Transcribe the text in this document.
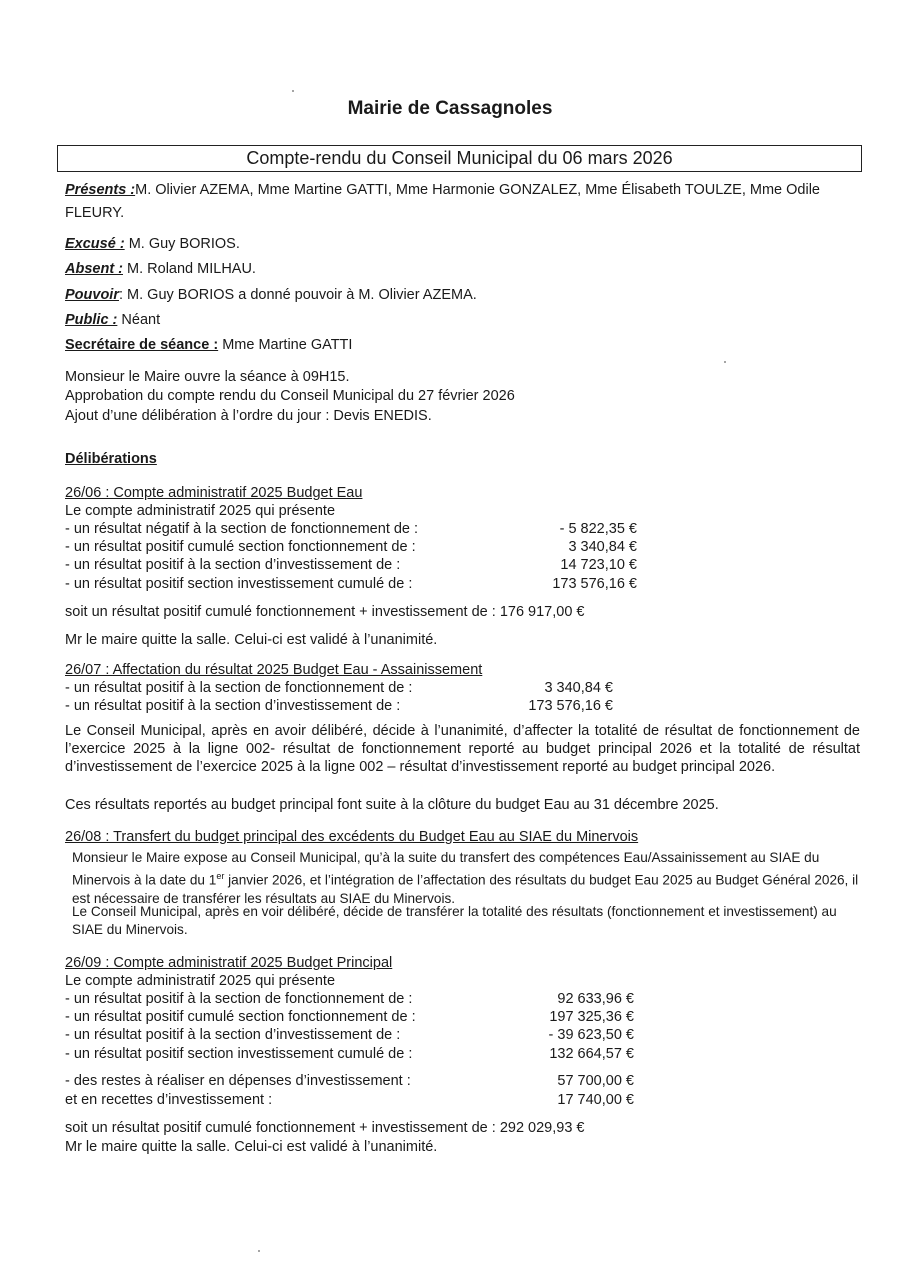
Mairie de Cassagnoles
Compte-rendu du Conseil Municipal du 06 mars 2026
Présents :M. Olivier AZEMA, Mme Martine GATTI, Mme Harmonie GONZALEZ, Mme Élisabeth TOULZE, Mme Odile
FLEURY.
Excusé : M. Guy BORIOS.
Absent : M. Roland MILHAU.
Pouvoir: M. Guy BORIOS a donné pouvoir à M. Olivier AZEMA.
Public : Néant
Secrétaire de séance : Mme Martine GATTI
Monsieur le Maire ouvre la séance à 09H15.
Approbation du compte rendu du Conseil Municipal du 27 février 2026
Ajout d’une délibération à l’ordre du jour : Devis ENEDIS.
Délibérations
26/06 : Compte administratif 2025 Budget Eau
Le compte administratif 2025 qui présente
- un résultat négatif à la section de fonctionnement de :	- 5 822,35 €
- un résultat positif cumulé section fonctionnement de :	3 340,84 €
- un résultat positif à la section d’investissement de :	14 723,10 €
- un résultat positif section investissement cumulé de :	173 576,16 €
soit un résultat positif cumulé fonctionnement + investissement de : 176 917,00 €
Mr le maire quitte la salle. Celui-ci est validé à l’unanimité.
26/07 : Affectation du résultat 2025 Budget Eau - Assainissement
- un résultat positif à la section de fonctionnement de :	3 340,84 €
- un résultat positif à la section d’investissement de :	173 576,16 €
Le Conseil Municipal, après en avoir délibéré, décide à l’unanimité, d’affecter la totalité de résultat de fonctionnement de l’exercice 2025 à la ligne 002- résultat de fonctionnement reporté au budget principal 2026 et la totalité de résultat d’investissement de l’exercice 2025 à la ligne 002 – résultat d’investissement reporté au budget principal 2026.
Ces résultats reportés au budget principal font suite à la clôture du budget Eau au 31 décembre 2025.
26/08 : Transfert du budget principal des excédents du Budget Eau au SIAE du Minervois
Monsieur le Maire expose au Conseil Municipal, qu’à la suite du transfert des compétences Eau/Assainissement au SIAE du Minervois à la date du 1er janvier 2026, et l’intégration de l’affectation des résultats du budget Eau 2025 au Budget Général 2026, il est nécessaire de transférer les résultats au SIAE du Minervois.
Le Conseil Municipal, après en voir délibéré, décide de transférer la totalité des résultats (fonctionnement et investissement) au SIAE du Minervois.
26/09 : Compte administratif 2025 Budget Principal
Le compte administratif 2025 qui présente
- un résultat positif à la section de fonctionnement de :	92 633,96 €
- un résultat positif cumulé section fonctionnement de :	197 325,36 €
- un résultat positif à la section d’investissement de :	- 39 623,50 €
- un résultat positif section investissement cumulé de :	132 664,57 €
- des restes à réaliser en dépenses d’investissement :	57 700,00 €
et en recettes d’investissement :	17 740,00 €
soit un résultat positif cumulé fonctionnement + investissement de : 292 029,93 €
Mr le maire quitte la salle. Celui-ci est validé à l’unanimité.
